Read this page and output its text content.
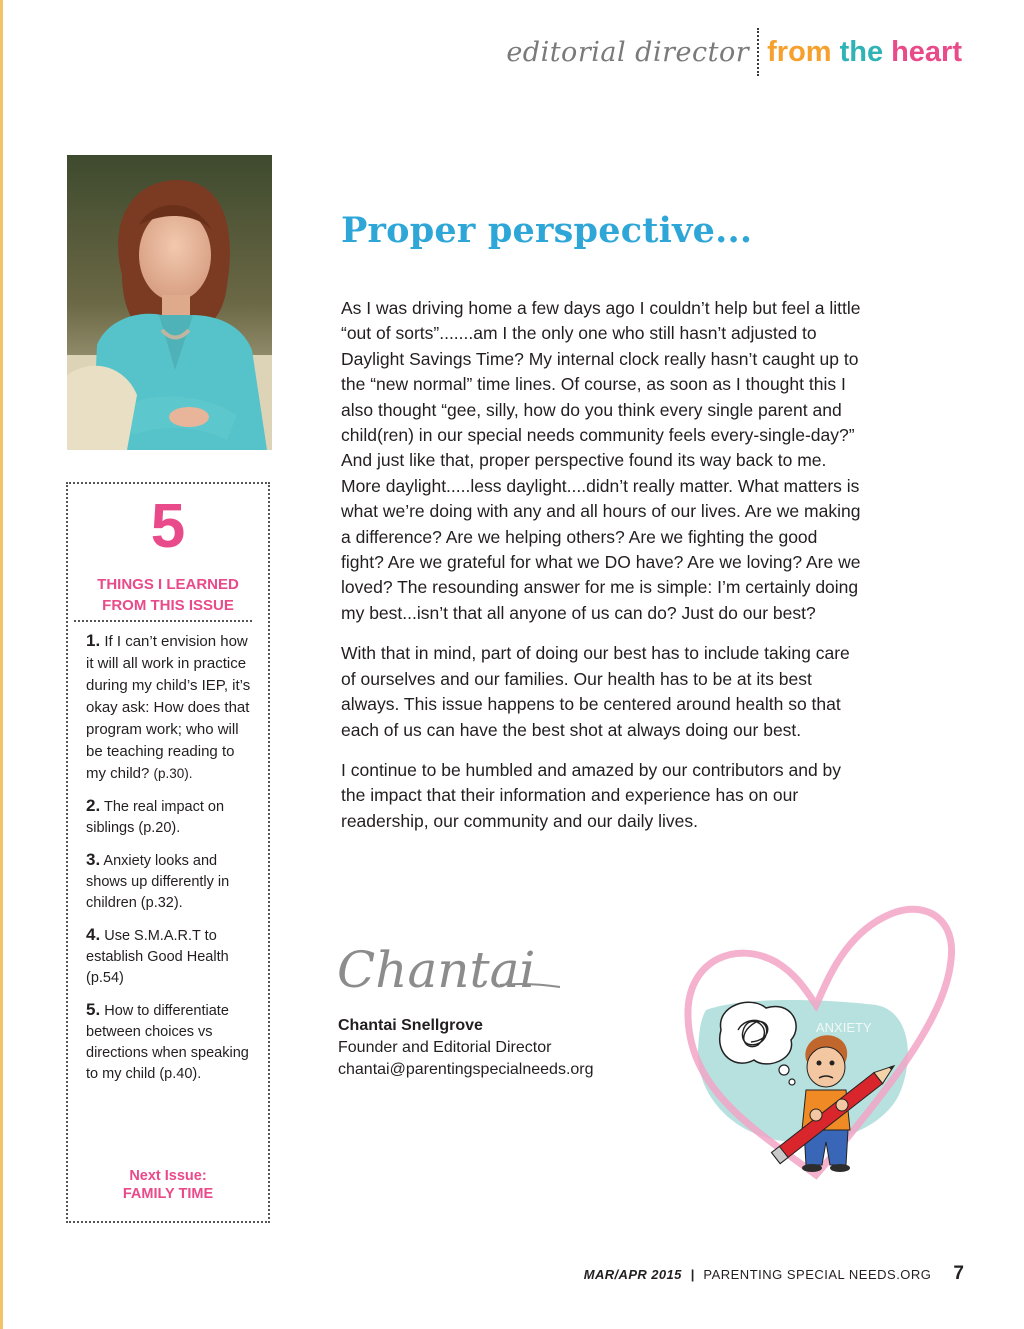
editorial director from the heart
5
THINGS I LEARNED
FROM THIS ISSUE
1. If I can’t envision how it will all work in practice during my child’s IEP, it’s okay ask: How does that program work; who will be teaching reading to my child? (p.30).
2. The real impact on siblings (p.20).
3. Anxiety looks and shows up differently in children (p.32).
4. Use S.M.A.R.T to establish Good Health (p.54)
5. How to differentiate between choices vs directions when speaking to my child (p.40).
Next Issue:
FAMILY TIME
Proper perspective...

As I was driving home a few days ago I couldn’t help but feel a little “out of sorts”.......am I the only one who still hasn’t adjusted to Daylight Savings Time? My internal clock really hasn’t caught up to the “new normal” time lines. Of course, as soon as I thought this I also thought “gee, silly, how do you think every single parent and child(ren) in our special needs community feels every-single-day?” And just like that, proper perspective found its way back to me. More daylight.....less daylight....didn’t really matter. What matters is what we’re doing with any and all hours of our lives. Are we making a difference? Are we helping others? Are we fighting the good fight? Are we grateful for what we DO have? Are we loving? Are we loved? The resounding answer for me is simple: I’m certainly doing my best...isn’t that all anyone of us can do? Just do our best?

With that in mind, part of doing our best has to include taking care of ourselves and our families. Our health has to be at its best always. This issue happens to be centered around health so that each of us can have the best shot at always doing our best.

I continue to be humbled and amazed by our contributors and by the impact that their information and experience has on our readership, our community and our daily lives.

Chantai
Chantai Snellgrove
Founder and Editorial Director
chantai@parentingspecialneeds.org
ANXIETY
MAR/APR 2015 | PARENTING SPECIAL NEEDS.ORG 7
